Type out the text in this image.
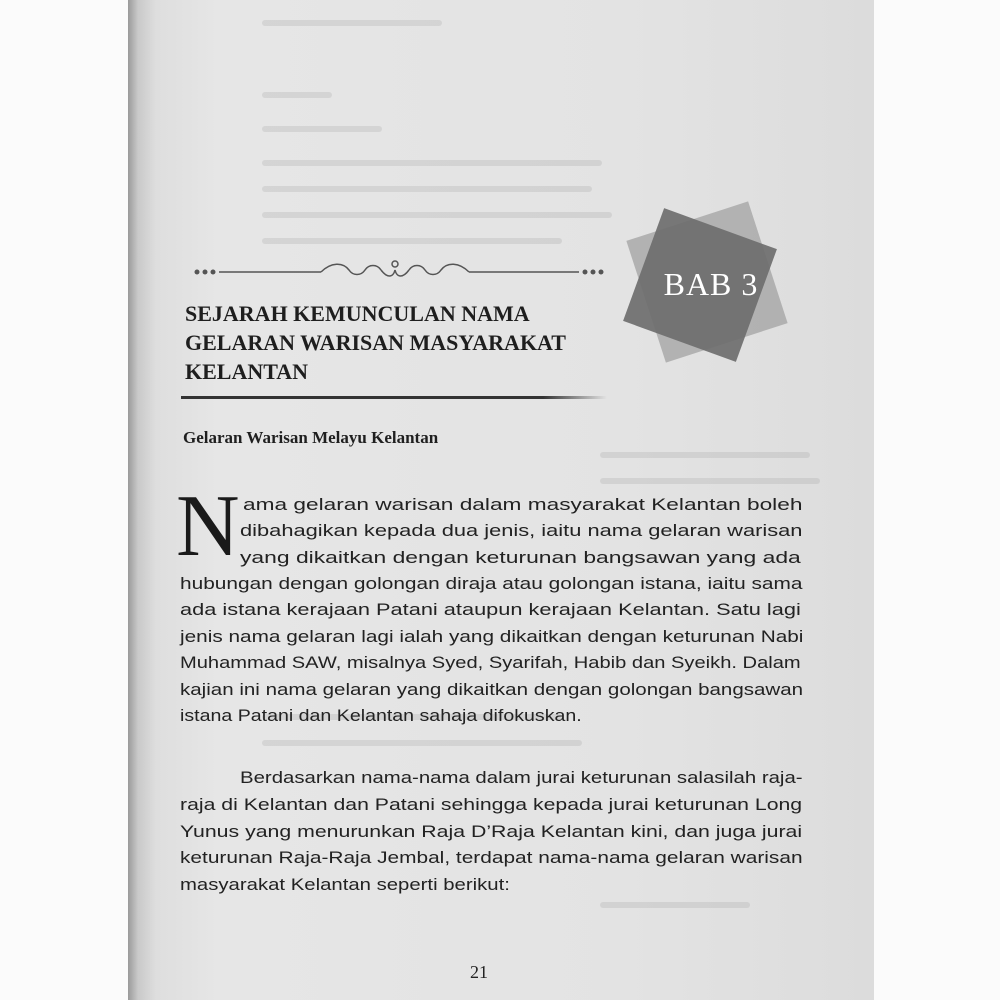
BAB 3
SEJARAH KEMUNCULAN NAMA
GELARAN WARISAN MASYARAKAT
KELANTAN
Gelaran Warisan Melayu Kelantan
N ama gelaran warisan dalam masyarakat Kelantan boleh
dibahagikan kepada dua jenis, iaitu nama gelaran warisan
yang dikaitkan dengan keturunan bangsawan yang ada
hubungan dengan golongan diraja atau golongan istana, iaitu sama
ada istana kerajaan Patani ataupun kerajaan Kelantan. Satu lagi
jenis nama gelaran lagi ialah yang dikaitkan dengan keturunan Nabi
Muhammad SAW, misalnya Syed, Syarifah, Habib dan Syeikh. Dalam
kajian ini nama gelaran yang dikaitkan dengan golongan bangsawan
istana Patani dan Kelantan sahaja difokuskan.
Berdasarkan nama-nama dalam jurai keturunan salasilah raja-
raja di Kelantan dan Patani sehingga kepada jurai keturunan Long
Yunus yang menurunkan Raja D’Raja Kelantan kini, dan juga jurai
keturunan Raja-Raja Jembal, terdapat nama-nama gelaran warisan
masyarakat Kelantan seperti berikut:
21
